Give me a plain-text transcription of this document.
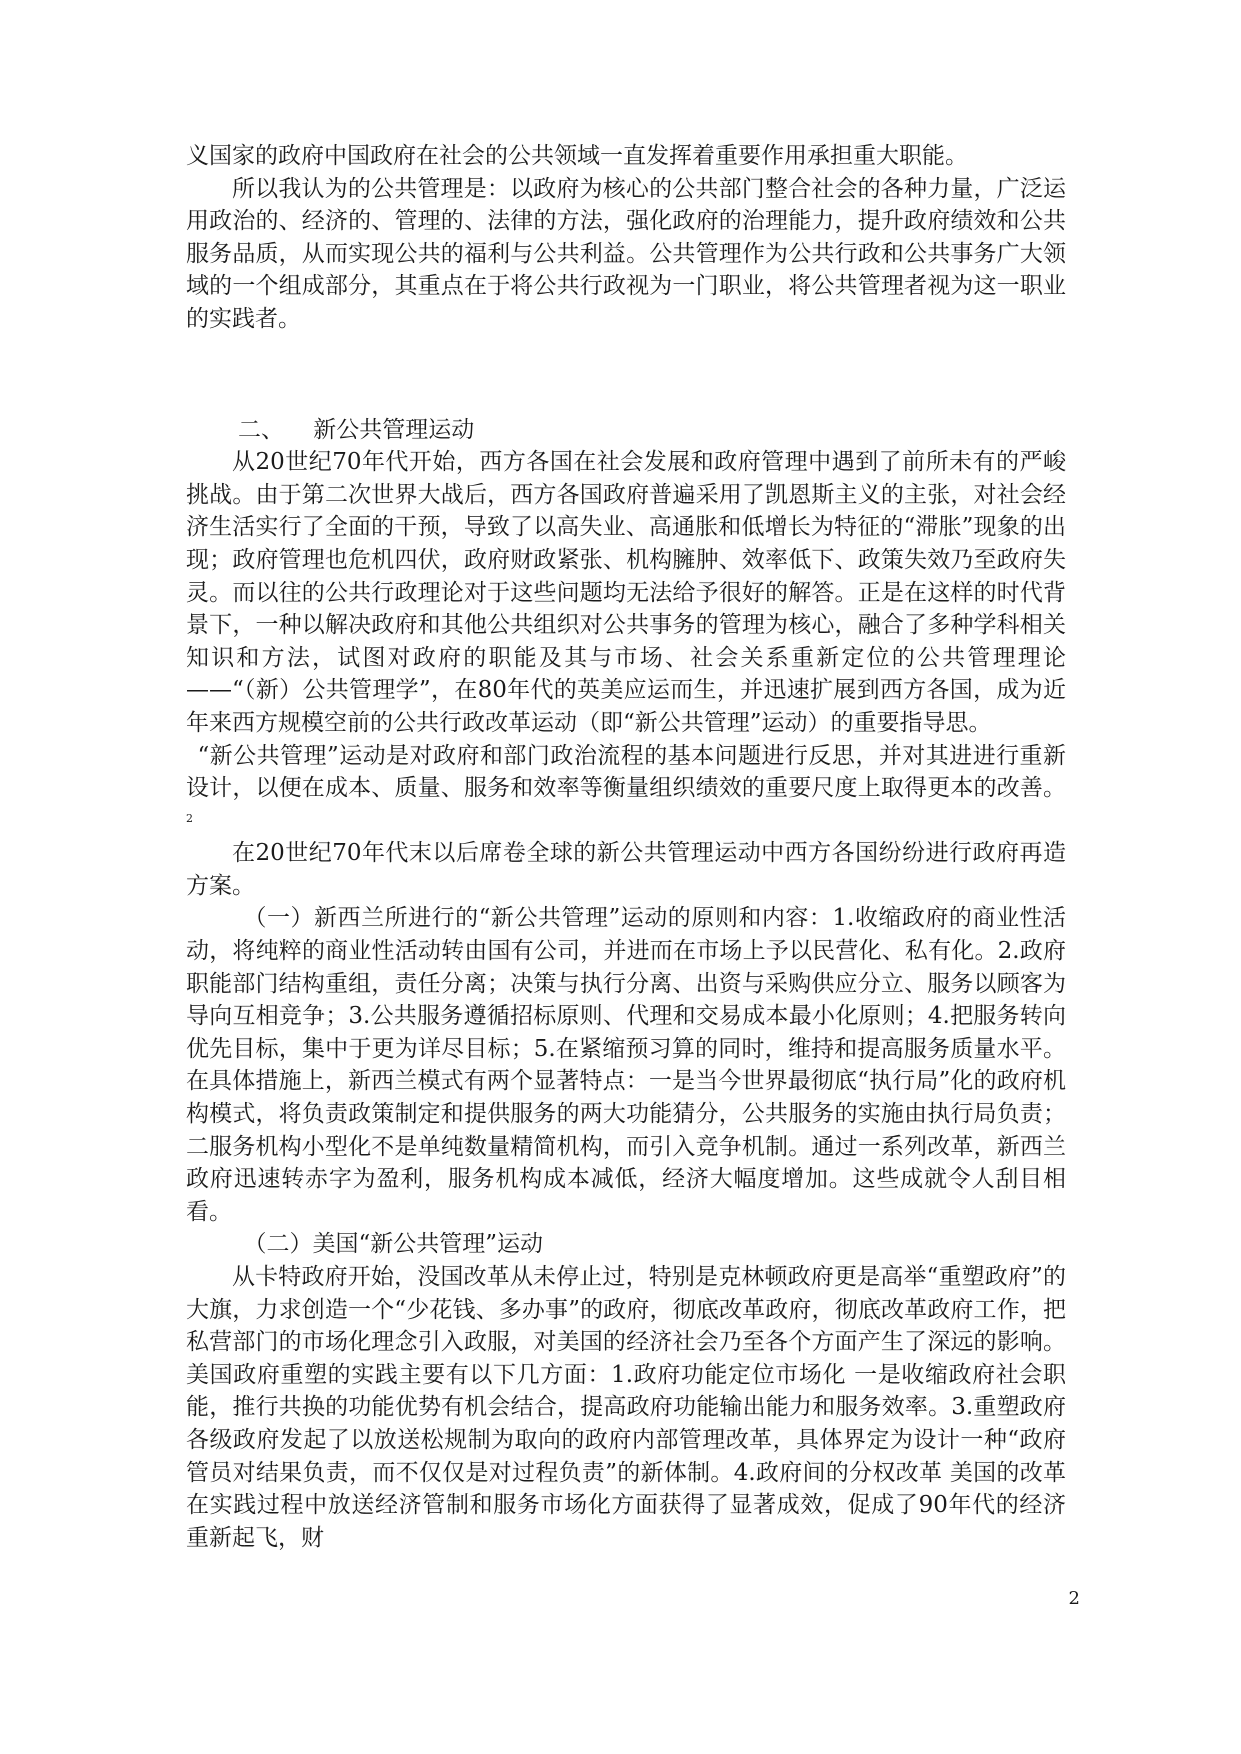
义国家的政府中国政府在社会的公共领域一直发挥着重要作用承担重大职能。

所以我认为的公共管理是：以政府为核心的公共部门整合社会的各种力量，广泛运用政治的、经济的、管理的、法律的方法，强化政府的治理能力，提升政府绩效和公共服务品质，从而实现公共的福利与公共利益。公共管理作为公共行政和公共事务广大领域的一个组成部分，其重点在于将公共行政视为一门职业，将公共管理者视为这一职业的实践者。

二、    新公共管理运动

从20世纪70年代开始，西方各国在社会发展和政府管理中遇到了前所未有的严峻挑战。由于第二次世界大战后，西方各国政府普遍采用了凯恩斯主义的主张，对社会经济生活实行了全面的干预，导致了以高失业、高通胀和低增长为特征的“滞胀”现象的出现；政府管理也危机四伏，政府财政紧张、机构臃肿、效率低下、政策失效乃至政府失灵。而以往的公共行政理论对于这些问题均无法给予很好的解答。正是在这样的时代背景下，一种以解决政府和其他公共组织对公共事务的管理为核心，融合了多种学科相关知识和方法，试图对政府的职能及其与市场、社会关系重新定位的公共管理理论——“（新）公共管理学”，在80年代的英美应运而生，并迅速扩展到西方各国，成为近年来西方规模空前的公共行政改革运动（即“新公共管理”运动）的重要指导思。

“新公共管理”运动是对政府和部门政治流程的基本问题进行反思，并对其进进行重新设计，以便在成本、质量、服务和效率等衡量组织绩效的重要尺度上取得更本的改善。$^2$

在20世纪70年代末以后席卷全球的新公共管理运动中西方各国纷纷进行政府再造方案。

（一）新西兰所进行的“新公共管理”运动的原则和内容：1.收缩政府的商业性活动，将纯粹的商业性活动转由国有公司，并进而在市场上予以民营化、私有化。2.政府职能部门结构重组，责任分离；决策与执行分离、出资与采购供应分立、服务以顾客为导向互相竞争；3.公共服务遵循招标原则、代理和交易成本最小化原则；4.把服务转向优先目标，集中于更为详尽目标；5.在紧缩预习算的同时，维持和提高服务质量水平。在具体措施上，新西兰模式有两个显著特点：一是当今世界最彻底“执行局”化的政府机构模式，将负责政策制定和提供服务的两大功能猜分，公共服务的实施由执行局负责；二服务机构小型化不是单纯数量精简机构，而引入竞争机制。通过一系列改革，新西兰政府迅速转赤字为盈利，服务机构成本减低，经济大幅度增加。这些成就令人刮目相看。

（二）美国“新公共管理”运动

从卡特政府开始，没国改革从未停止过，特别是克林顿政府更是高举“重塑政府”的大旗，力求创造一个“少花钱、多办事”的政府，彻底改革政府，彻底改革政府工作，把私营部门的市场化理念引入政服，对美国的经济社会乃至各个方面产生了深远的影响。美国政府重塑的实践主要有以下几方面：1.政府功能定位市场化 一是收缩政府社会职能，推行共换的功能优势有机会结合，提高政府功能输出能力和服务效率。3.重塑政府 各级政府发起了以放送松规制为取向的政府内部管理改革，具体界定为设计一种“政府管员对结果负责，而不仅仅是对过程负责”的新体制。4.政府间的分权改革 美国的改革在实践过程中放送经济管制和服务市场化方面获得了显著成效，促成了90年代的经济重新起飞，财

2
